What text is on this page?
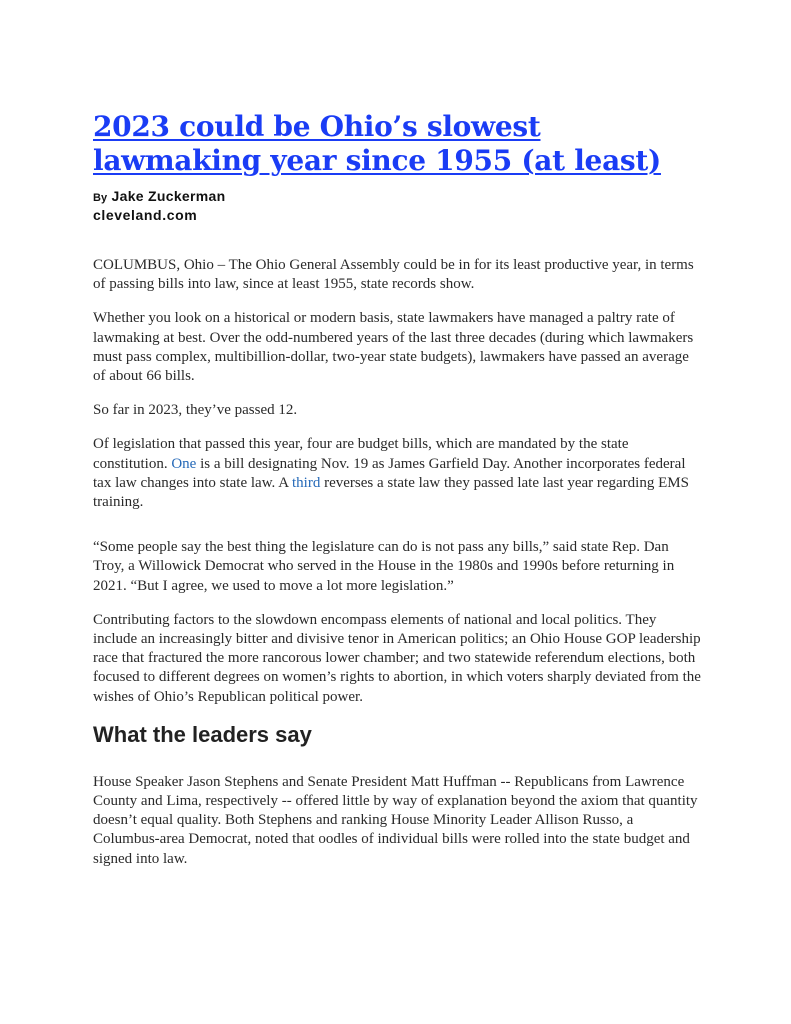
2023 could be Ohio’s slowest lawmaking year since 1955 (at least)
By Jake Zuckerman
cleveland.com

COLUMBUS, Ohio – The Ohio General Assembly could be in for its least productive year, in terms of passing bills into law, since at least 1955, state records show.

Whether you look on a historical or modern basis, state lawmakers have managed a paltry rate of lawmaking at best. Over the odd-numbered years of the last three decades (during which lawmakers must pass complex, multibillion-dollar, two-year state budgets), lawmakers have passed an average of about 66 bills.

So far in 2023, they’ve passed 12.

Of legislation that passed this year, four are budget bills, which are mandated by the state constitution. One is a bill designating Nov. 19 as James Garfield Day. Another incorporates federal tax law changes into state law. A third reverses a state law they passed late last year regarding EMS training.

“Some people say the best thing the legislature can do is not pass any bills,” said state Rep. Dan Troy, a Willowick Democrat who served in the House in the 1980s and 1990s before returning in 2021. “But I agree, we used to move a lot more legislation.”

Contributing factors to the slowdown encompass elements of national and local politics. They include an increasingly bitter and divisive tenor in American politics; an Ohio House GOP leadership race that fractured the more rancorous lower chamber; and two statewide referendum elections, both focused to different degrees on women’s rights to abortion, in which voters sharply deviated from the wishes of Ohio’s Republican political power.

What the leaders say

House Speaker Jason Stephens and Senate President Matt Huffman -- Republicans from Lawrence County and Lima, respectively -- offered little by way of explanation beyond the axiom that quantity doesn’t equal quality. Both Stephens and ranking House Minority Leader Allison Russo, a Columbus-area Democrat, noted that oodles of individual bills were rolled into the state budget and signed into law.
